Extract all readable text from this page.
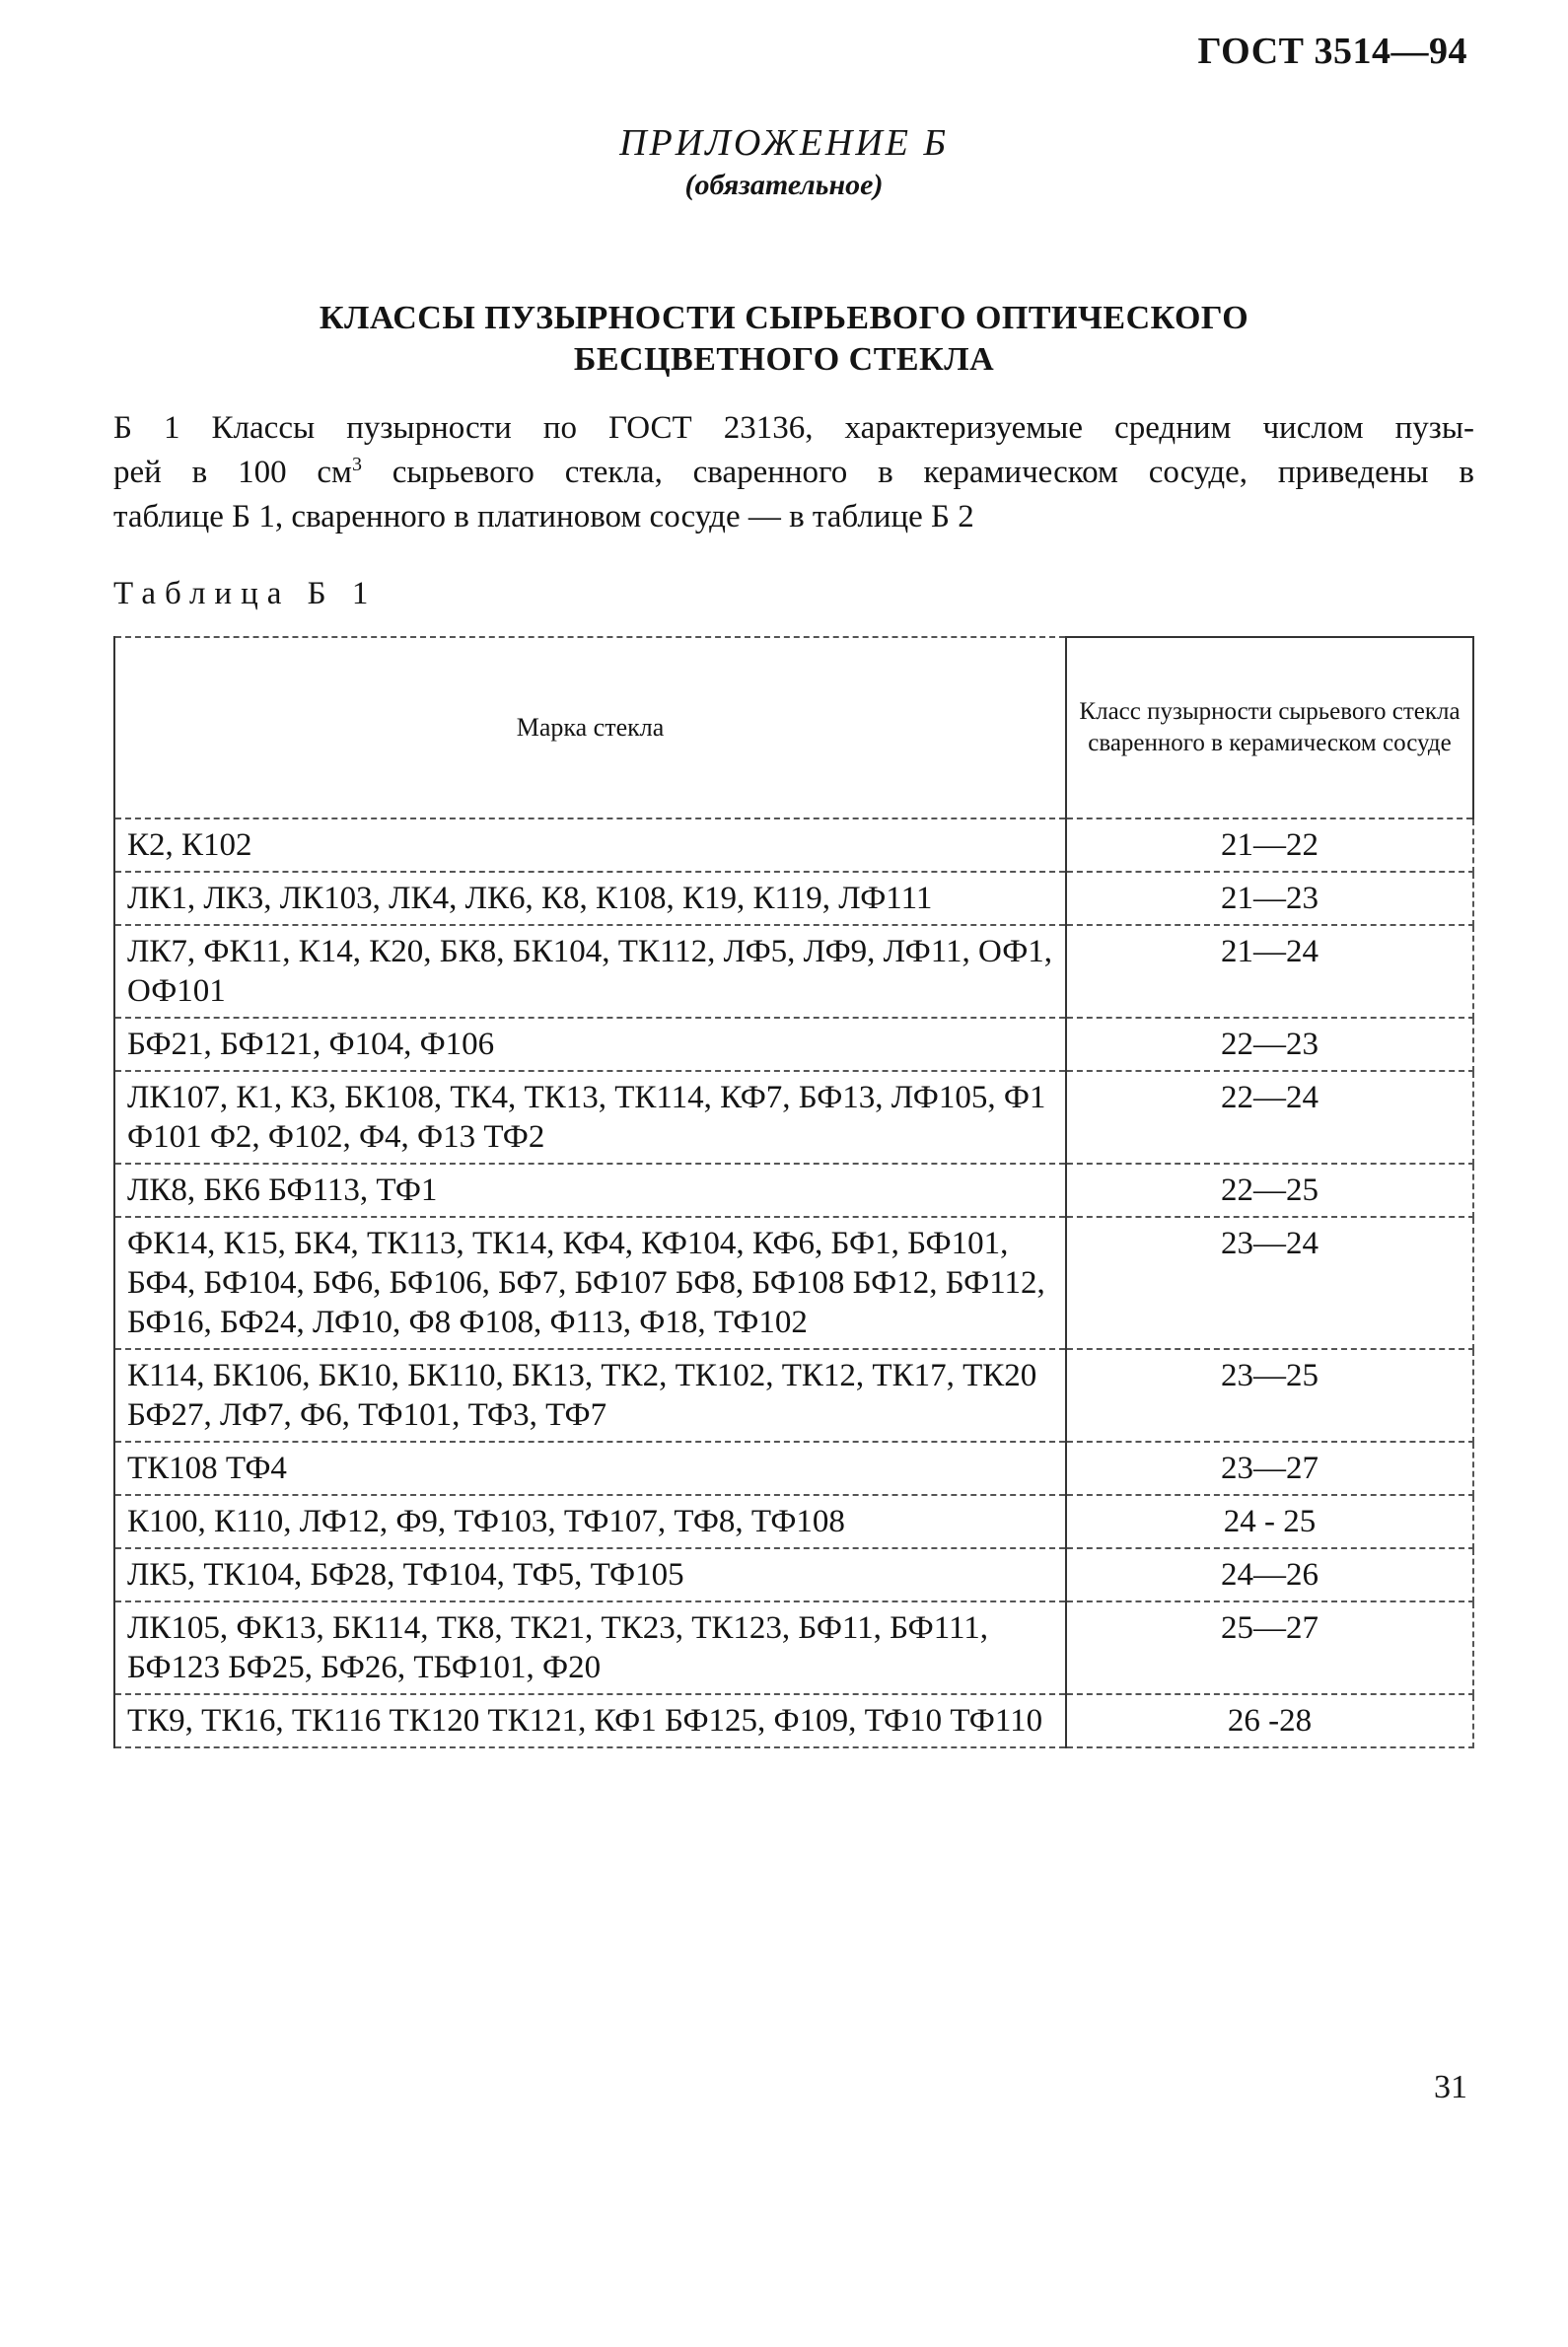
ГОСТ 3514—94
ПРИЛОЖЕНИЕ Б
(обязательное)
КЛАССЫ ПУЗЫРНОСТИ СЫРЬЕВОГО ОПТИЧЕСКОГО
БЕСЦВЕТНОГО СТЕКЛА
Б 1 Классы пузырности по ГОСТ 23136, характеризуемые средним числом пузы-
рей в 100 $см^3$ сырьевого стекла, сваренного в керамическом сосуде, приведены в
таблице Б 1, сваренного в платиновом сосуде — в таблице Б 2
Таблица Б 1
Марка стекла	Класс пузырности сырьевого стекла сваренного в керамическом сосуде
К2, К102	21—22
ЛК1, ЛК3, ЛК103, ЛК4, ЛК6, К8, К108, К19, К119, ЛФ111	21—23
ЛК7, ФК11, К14, К20, БК8, БК104, ТК112, ЛФ5, ЛФ9, ЛФ11, ОФ1, ОФ101	21—24
БФ21, БФ121, Ф104, Ф106	22—23
ЛК107, К1, К3, БК108, ТК4, ТК13, ТК114, КФ7, БФ13, ЛФ105, Ф1 Ф101 Ф2, Ф102, Ф4, Ф13 ТФ2	22—24
ЛК8, БК6 БФ113, ТФ1	22—25
ФК14, К15, БК4, ТК113, ТК14, КФ4, КФ104, КФ6, БФ1, БФ101, БФ4, БФ104, БФ6, БФ106, БФ7, БФ107 БФ8, БФ108 БФ12, БФ112, БФ16, БФ24, ЛФ10, Ф8 Ф108, Ф113, Ф18, ТФ102	23—24
К114, БК106, БК10, БК110, БК13, ТК2, ТК102, ТК12, ТК17, ТК20 БФ27, ЛФ7, Ф6, ТФ101, ТФ3, ТФ7	23—25
ТК108 ТФ4	23—27
К100, К110, ЛФ12, Ф9, ТФ103, ТФ107, ТФ8, ТФ108	24 - 25
ЛК5, ТК104, БФ28, ТФ104, ТФ5, ТФ105	24—26
ЛК105, ФК13, БК114, ТК8, ТК21, ТК23, ТК123, БФ11, БФ111, БФ123 БФ25, БФ26, ТБФ101, Ф20	25—27
ТК9, ТК16, ТК116 ТК120 ТК121, КФ1 БФ125, Ф109, ТФ10 ТФ110	26 -28
31
